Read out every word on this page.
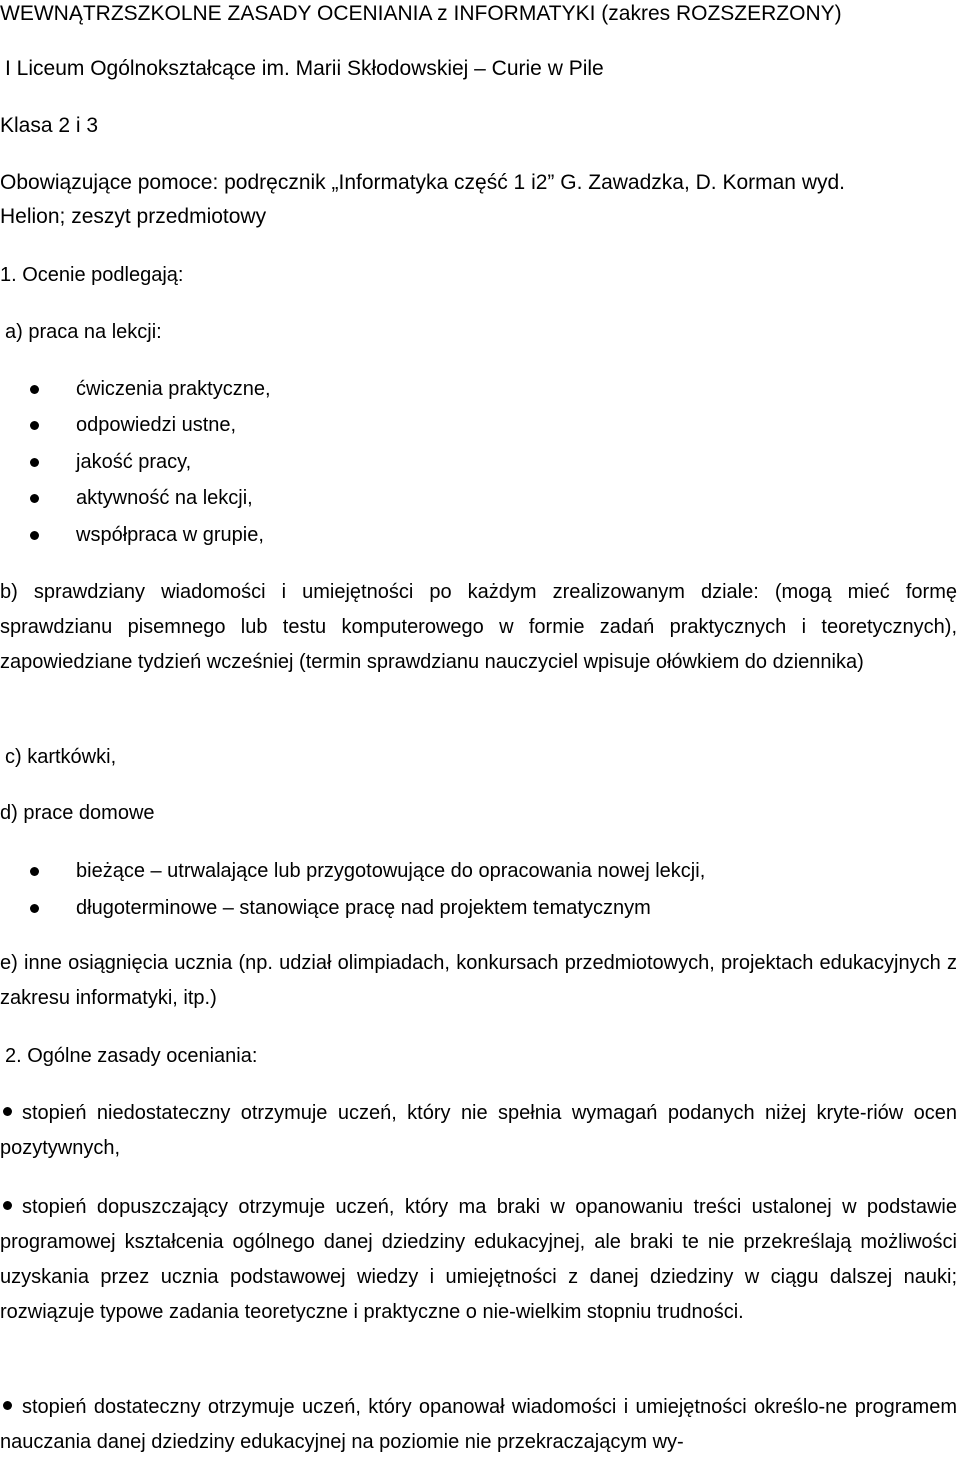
WEWNĄTRZSZKOLNE ZASADY OCENIANIA z INFORMATYKI (zakres ROZSZERZONY)
I Liceum Ogólnokształcące im. Marii Skłodowskiej – Curie w Pile
Klasa 2 i 3
Obowiązujące pomoce: podręcznik „Informatyka część 1 i2” G. Zawadzka, D. Korman wyd.
Helion; zeszyt przedmiotowy
1. Ocenie podlegają:
a) praca na lekcji:
ćwiczenia praktyczne,
odpowiedzi ustne,
jakość pracy,
aktywność na lekcji,
współpraca w grupie,
b) sprawdziany wiadomości i umiejętności po każdym zrealizowanym dziale: (mogą mieć formę sprawdzianu pisemnego lub testu komputerowego w formie zadań praktycznych i teoretycznych), zapowiedziane tydzień wcześniej (termin sprawdzianu nauczyciel wpisuje ołówkiem do dziennika)
c) kartkówki,
d) prace domowe
bieżące – utrwalające lub przygotowujące do opracowania nowej lekcji,
długoterminowe – stanowiące pracę nad projektem tematycznym
e) inne osiągnięcia ucznia (np. udział olimpiadach, konkursach przedmiotowych, projektach edukacyjnych z zakresu informatyki, itp.)
2. Ogólne zasady oceniania:
stopień niedostateczny otrzymuje uczeń, który nie spełnia wymagań podanych niżej kryte-riów ocen pozytywnych,
stopień dopuszczający otrzymuje uczeń, który ma braki w opanowaniu treści ustalonej w podstawie programowej kształcenia ogólnego danej dziedziny edukacyjnej, ale braki te nie przekreślają możliwości uzyskania przez ucznia podstawowej wiedzy i umiejętności z danej dziedziny w ciągu dalszej nauki; rozwiązuje typowe zadania teoretyczne i praktyczne o nie-wielkim stopniu trudności.
stopień dostateczny otrzymuje uczeń, który opanował wiadomości i umiejętności określo-ne programem nauczania danej dziedziny edukacyjnej na poziomie nie przekraczającym wy-
